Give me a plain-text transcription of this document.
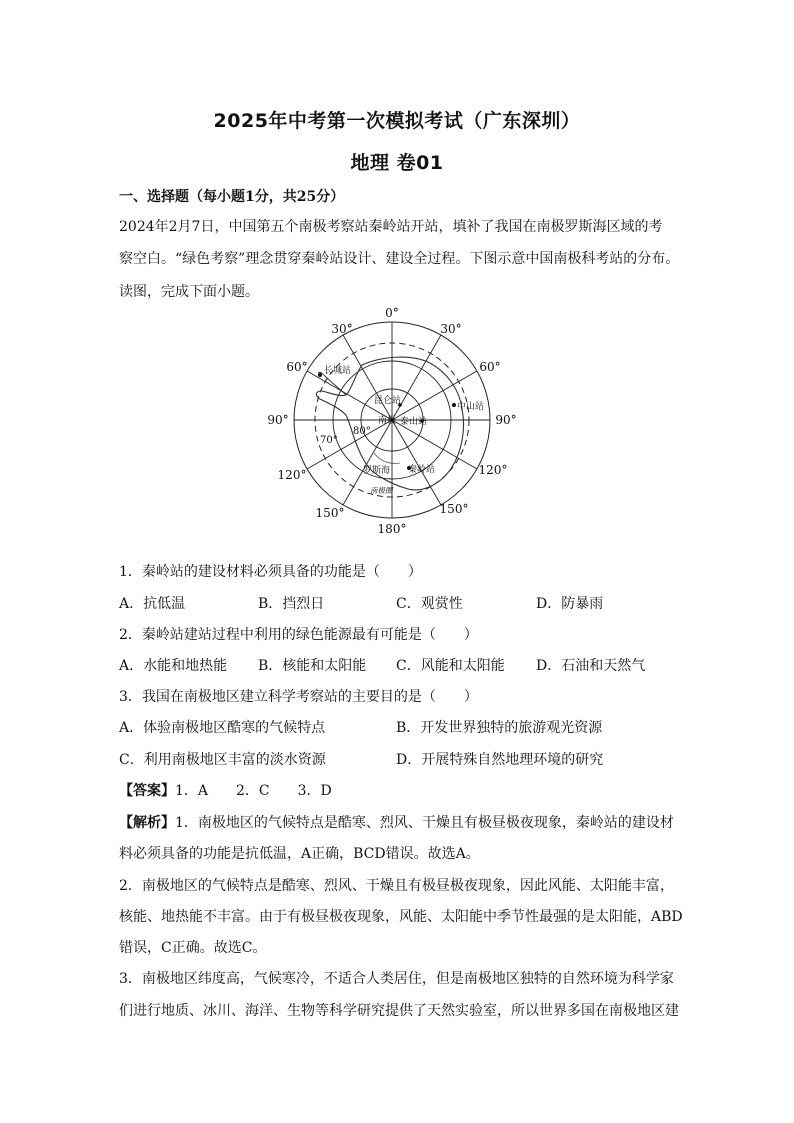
2025年中考第一次模拟考试（广东深圳）
地理 卷01
一、选择题（每小题1分，共25分）
2024年2月7日，中国第五个南极考察站秦岭站开站，填补了我国在南极罗斯海区域的考
察空白。“绿色考察”理念贯穿秦岭站设计、建设全过程。下图示意中国南极科考站的分布。
读图，完成下面小题。
0°
30°	30°
60°	60°
90°	90°
120°	120°
150°	150°
180°
70°
80°
长城站
昆仑站
中山站
泰山站
南极
罗斯海 秦岭站
南极圈
1．秦岭站的建设材料必须具备的功能是（　　）
A．抗低温	B．挡烈日	C．观赏性	D．防暴雨
2．秦岭站建站过程中利用的绿色能源最有可能是（　　）
A．水能和地热能 B．核能和太阳能 C．风能和太阳能 D．石油和天然气
3．我国在南极地区建立科学考察站的主要目的是（　　）
A．体验南极地区酷寒的气候特点	B．开发世界独特的旅游观光资源
C．利用南极地区丰富的淡水资源	D．开展特殊自然地理环境的研究
【答案】1．A　　2．C　　3．D
【解析】1．南极地区的气候特点是酷寒、烈风、干燥且有极昼极夜现象，秦岭站的建设材
料必须具备的功能是抗低温，A正确，BCD错误。故选A。
2．南极地区的气候特点是酷寒、烈风、干燥且有极昼极夜现象，因此风能、太阳能丰富，
核能、地热能不丰富。由于有极昼极夜现象，风能、太阳能中季节性最强的是太阳能，ABD
错误，C正确。故选C。
3．南极地区纬度高，气候寒冷，不适合人类居住，但是南极地区独特的自然环境为科学家
们进行地质、冰川、海洋、生物等科学研究提供了天然实验室，所以世界多国在南极地区建
